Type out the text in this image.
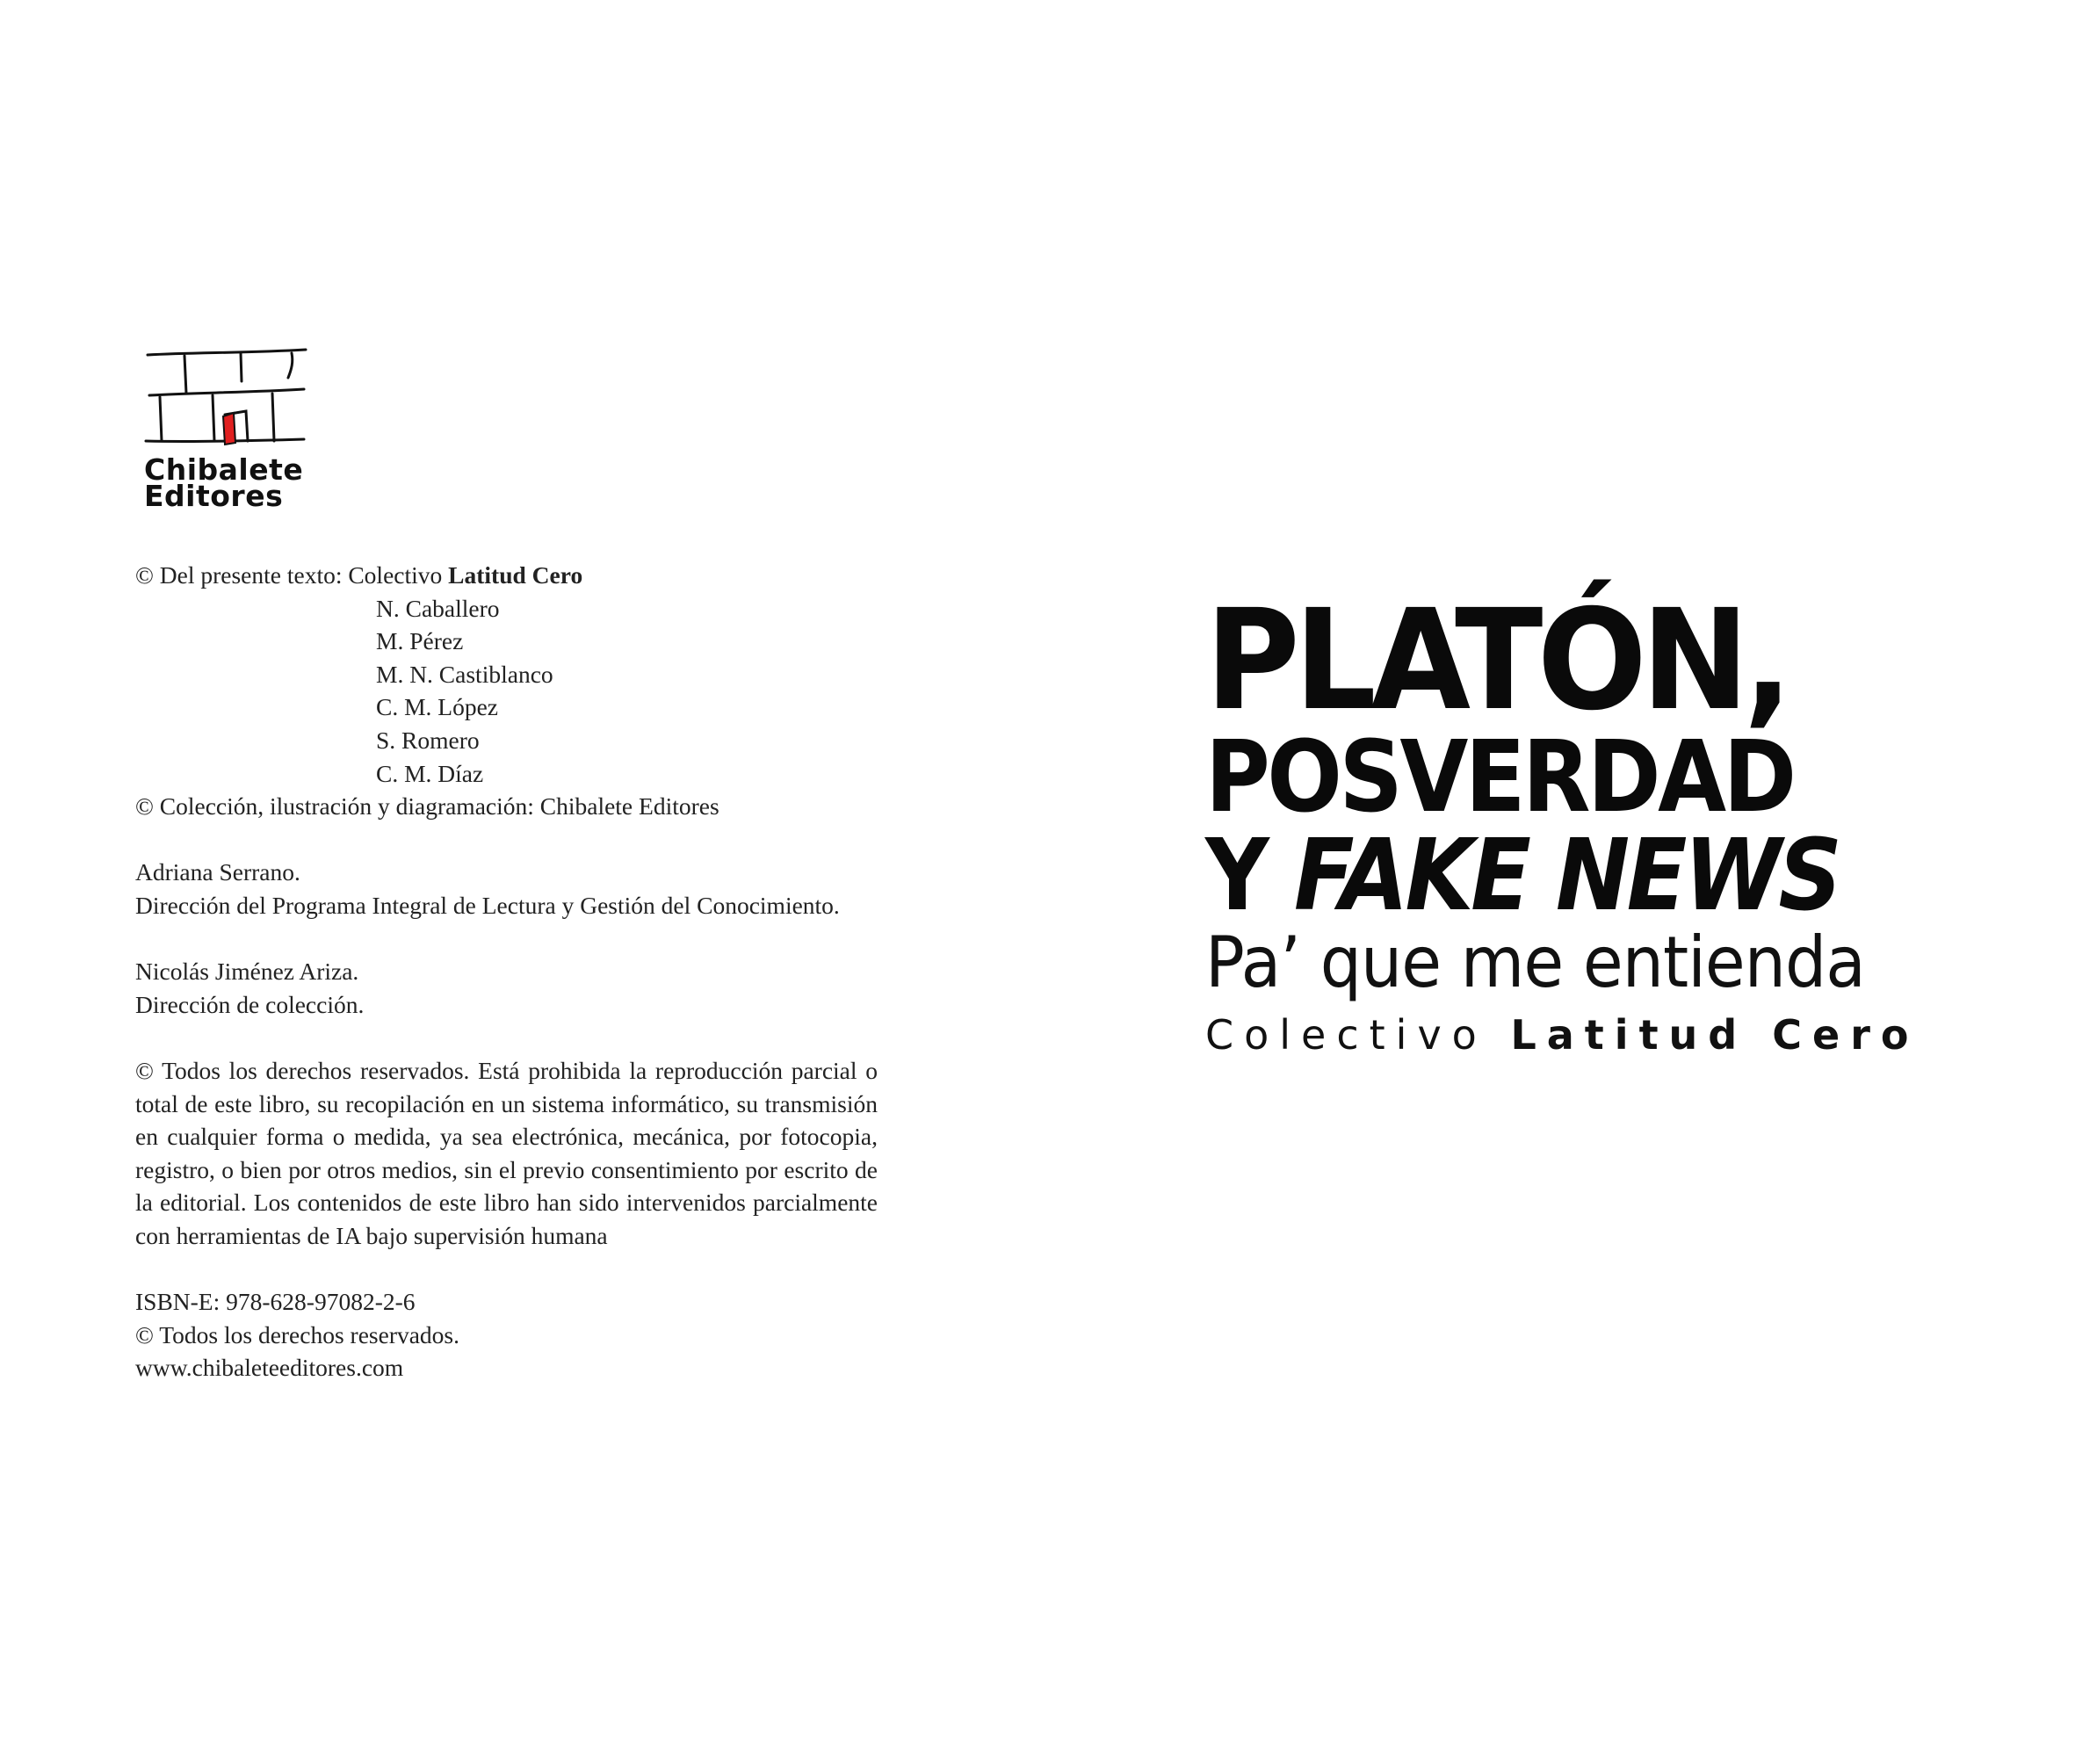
Chibalete
Editores

© Del presente texto: Colectivo Latitud Cero

N. Caballero

M. Pérez

M. N. Castiblanco

C. M. López

S. Romero

C. M. Díaz

© Colección, ilustración y diagramación: Chibalete Editores

Adriana Serrano.

Dirección del Programa Integral de Lectura y Gestión del Conocimiento.

Nicolás Jiménez Ariza.

Dirección de colección.

© Todos los derechos reservados. Está prohibida la reproducción parcial o total de este libro, su recopilación en un sistema informático, su transmisión en cualquier forma o medida, ya sea electrónica, mecánica, por fotocopia, registro, o bien por otros medios, sin el previo consentimiento por escrito de la editorial. Los contenidos de este libro han sido intervenidos parcialmente con herramientas de IA bajo supervisión humana

ISBN-E: 978-628-97082-2-6

© Todos los derechos reservados.

www.chibaleteeditores.com

PLATÓN,
POSVERDAD
Y FAKE NEWS
Pa’ que me entienda
Colectivo Latitud Cero
